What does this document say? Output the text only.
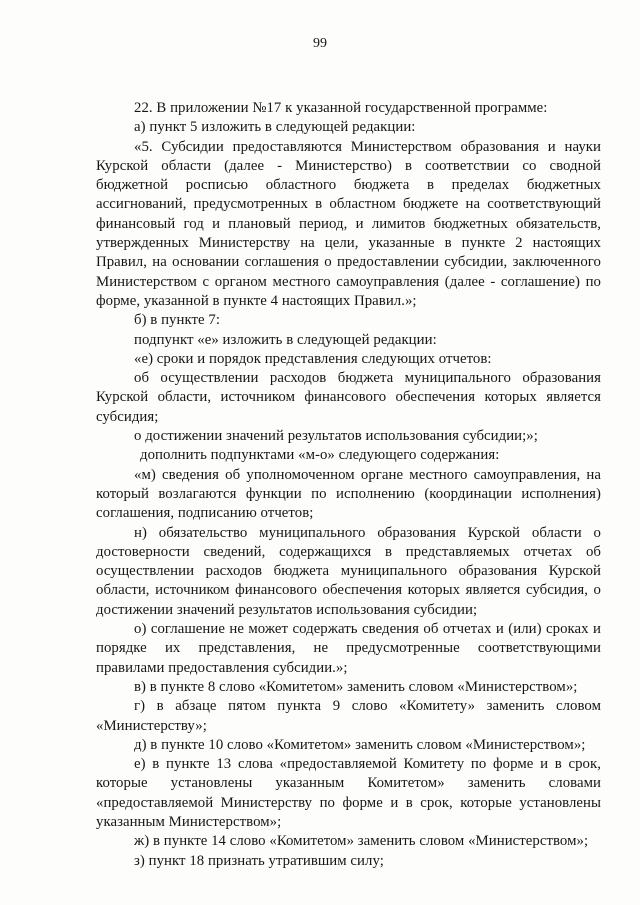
99

22. В приложении №17 к указанной государственной программе:

а) пункт 5 изложить в следующей редакции:

«5. Субсидии предоставляются Министерством образования и науки Курской области (далее - Министерство) в соответствии со сводной бюджетной росписью областного бюджета в пределах бюджетных ассигнований, предусмотренных в областном бюджете на соответствующий финансовый год и плановый период, и лимитов бюджетных обязательств, утвержденных Министерству на цели, указанные в пункте 2 настоящих Правил, на основании соглашения о предоставлении субсидии, заключенного Министерством с органом местного самоуправления (далее - соглашение) по форме, указанной в пункте 4 настоящих Правил.»;

б) в пункте 7:

подпункт «е» изложить в следующей редакции:

«е) сроки и порядок представления следующих отчетов:

об осуществлении расходов бюджета муниципального образования Курской области, источником финансового обеспечения которых является субсидия;

о достижении значений результатов использования субсидии;»;

дополнить подпунктами «м-о» следующего содержания:

«м) сведения об уполномоченном органе местного самоуправления, на который возлагаются функции по исполнению (координации исполнения) соглашения, подписанию отчетов;

н) обязательство муниципального образования Курской области о достоверности сведений, содержащихся в представляемых отчетах об осуществлении расходов бюджета муниципального образования Курской области, источником финансового обеспечения которых является субсидия, о достижении значений результатов использования субсидии;

о) соглашение не может содержать сведения об отчетах и (или) сроках и порядке их представления, не предусмотренные соответствующими правилами предоставления субсидии.»;

в) в пункте 8 слово «Комитетом» заменить словом «Министерством»;

г) в абзаце пятом пункта 9 слово «Комитету» заменить словом «Министерству»;

д) в пункте 10 слово «Комитетом» заменить словом «Министерством»;

е) в пункте 13 слова «предоставляемой Комитету по форме и в срок, которые установлены указанным Комитетом» заменить словами «предоставляемой Министерству по форме и в срок, которые установлены указанным Министерством»;

ж) в пункте 14 слово «Комитетом» заменить словом «Министерством»;

з) пункт 18 признать утратившим силу;
